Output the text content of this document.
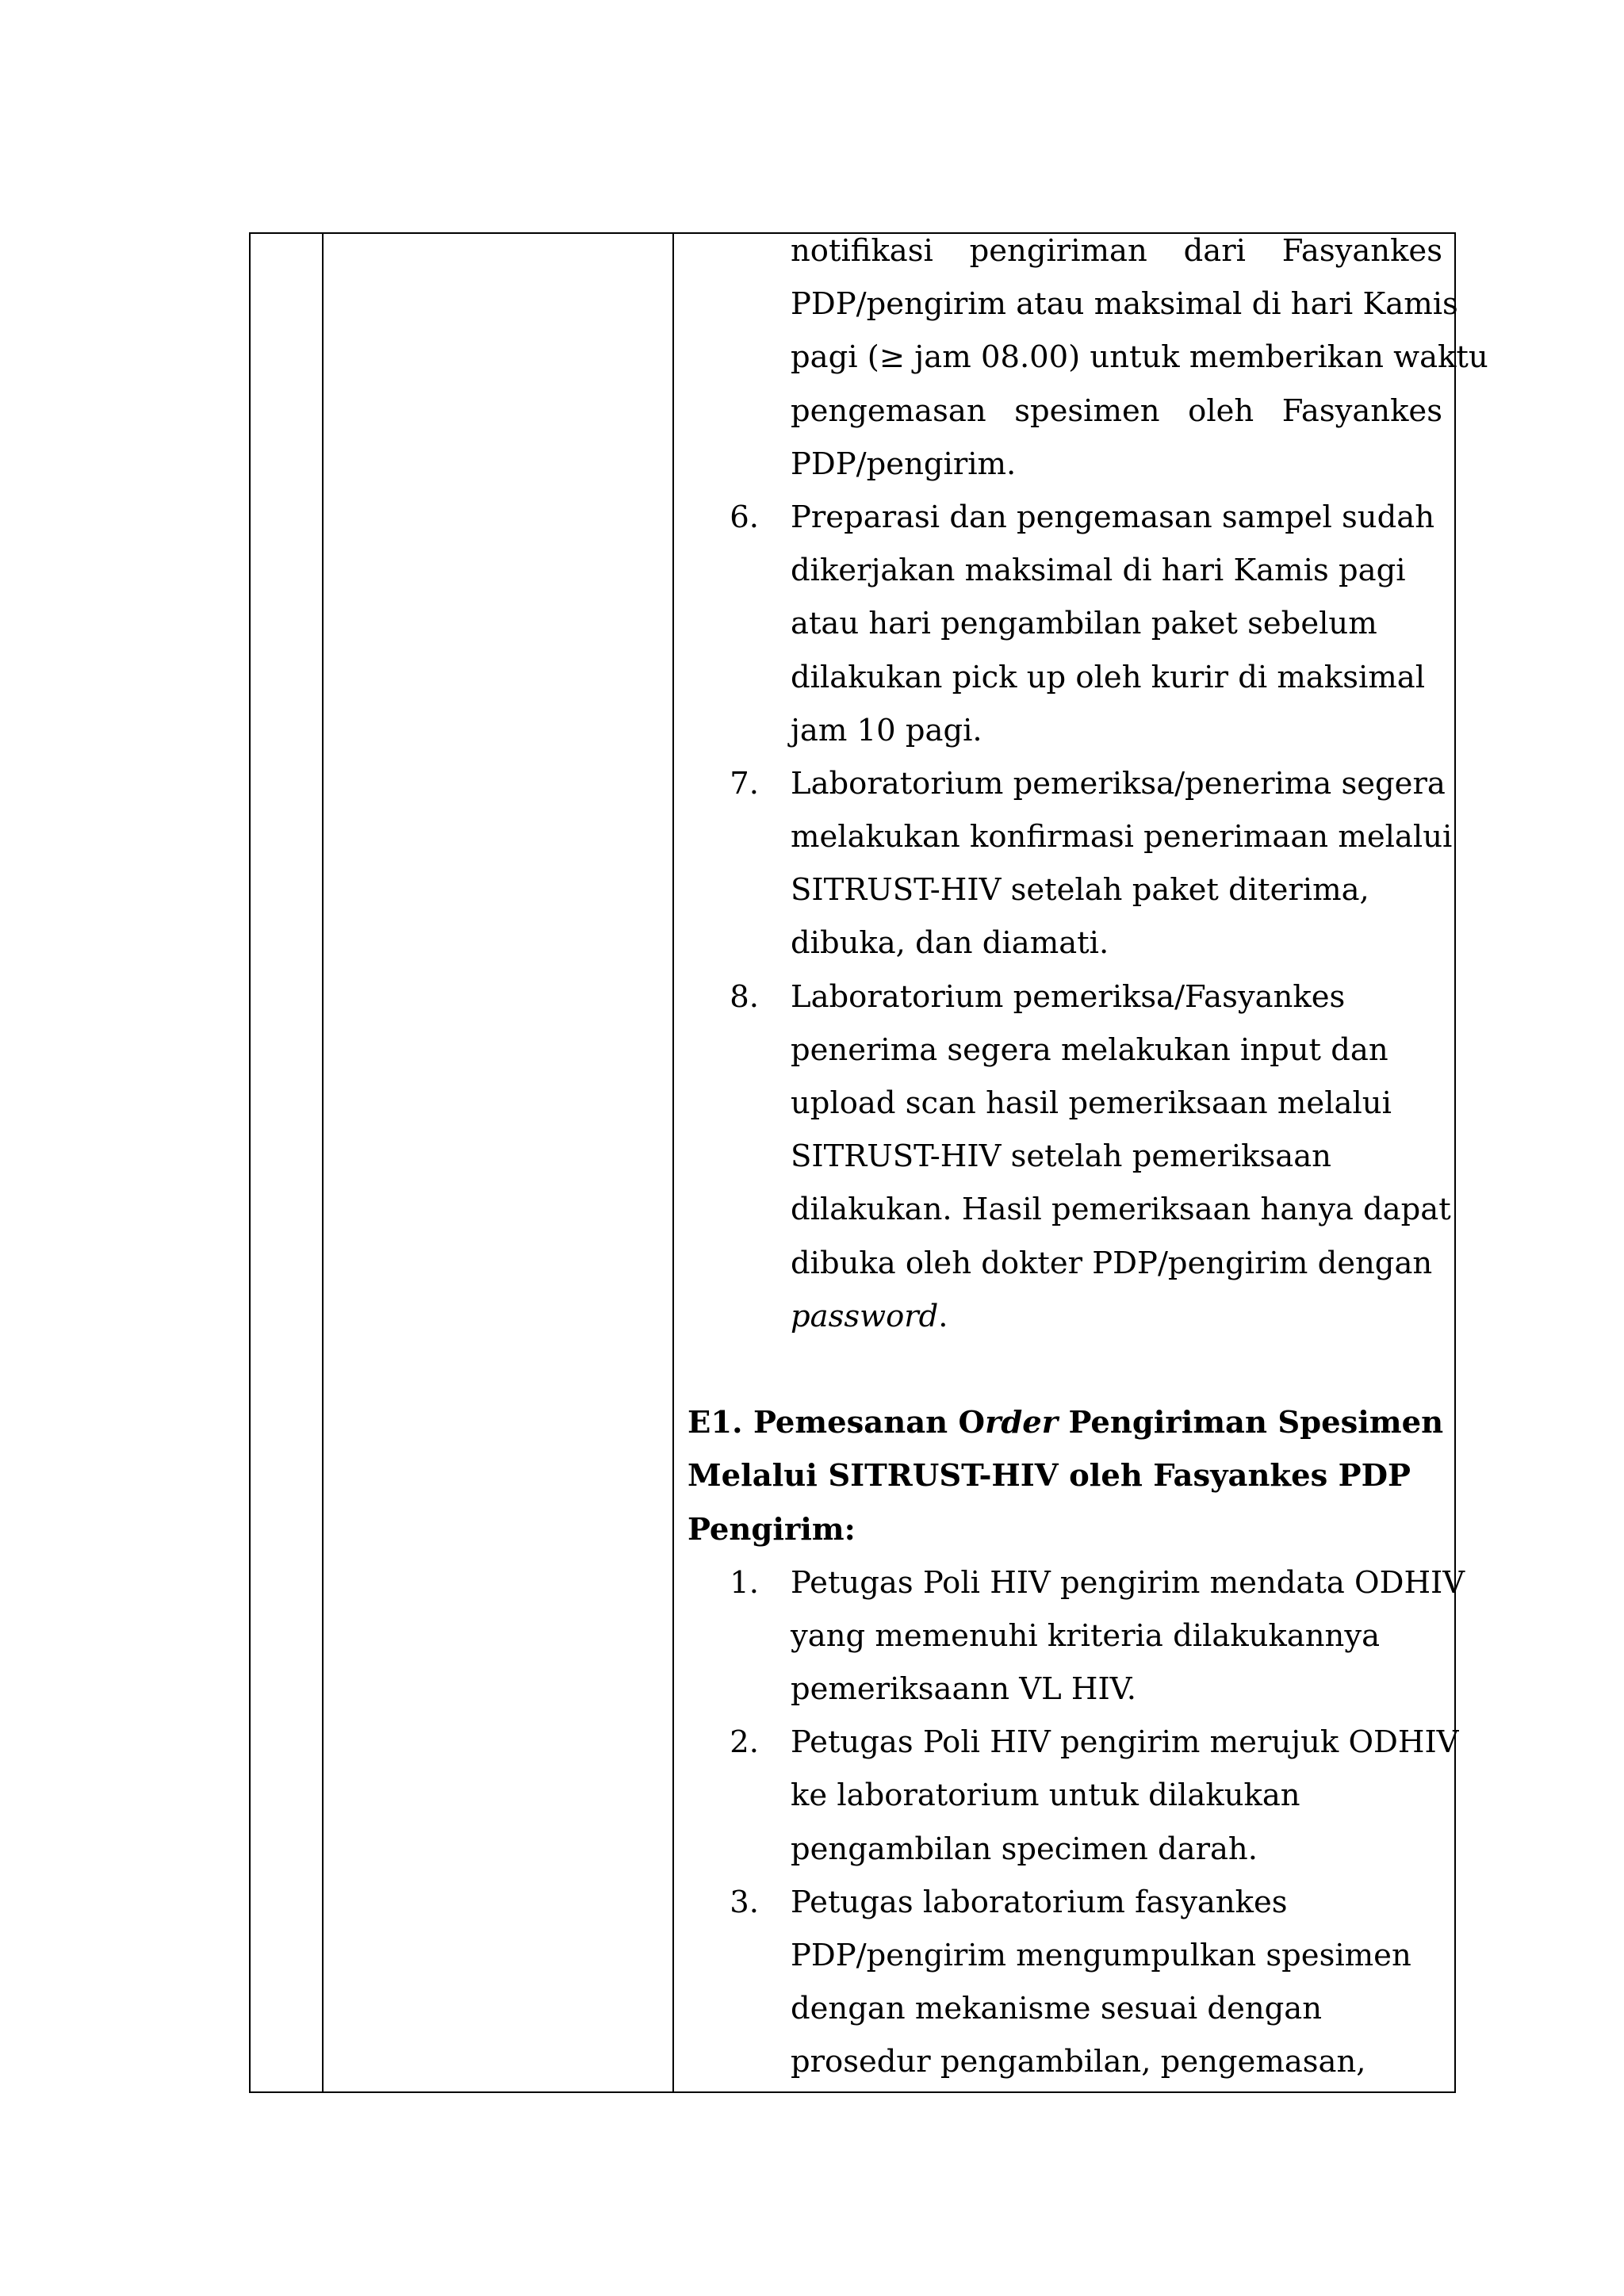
notifikasi pengiriman dari Fasyankes
PDP/pengirim atau maksimal di hari Kamis
pagi (≥ jam 08.00) untuk memberikan waktu
pengemasan spesimen oleh Fasyankes
PDP/pengirim.
6.	Preparasi dan pengemasan sampel sudah
dikerjakan maksimal di hari Kamis pagi
atau hari pengambilan paket sebelum
dilakukan pick up oleh kurir di maksimal
jam 10 pagi.
7.	Laboratorium pemeriksa/penerima segera
melakukan konfirmasi penerimaan melalui
SITRUST-HIV setelah paket diterima,
dibuka, dan diamati.
8.	Laboratorium pemeriksa/Fasyankes
penerima segera melakukan input dan
upload scan hasil pemeriksaan melalui
SITRUST-HIV setelah pemeriksaan
dilakukan. Hasil pemeriksaan hanya dapat
dibuka oleh dokter PDP/pengirim dengan
password.
E1. Pemesanan Order Pengiriman Spesimen
Melalui SITRUST-HIV oleh Fasyankes PDP
Pengirim:
1.	Petugas Poli HIV pengirim mendata ODHIV
yang memenuhi kriteria dilakukannya
pemeriksaann VL HIV.
2.	Petugas Poli HIV pengirim merujuk ODHIV
ke laboratorium untuk dilakukan
pengambilan specimen darah.
3.	Petugas laboratorium fasyankes
PDP/pengirim mengumpulkan spesimen
dengan mekanisme sesuai dengan
prosedur pengambilan, pengemasan,
